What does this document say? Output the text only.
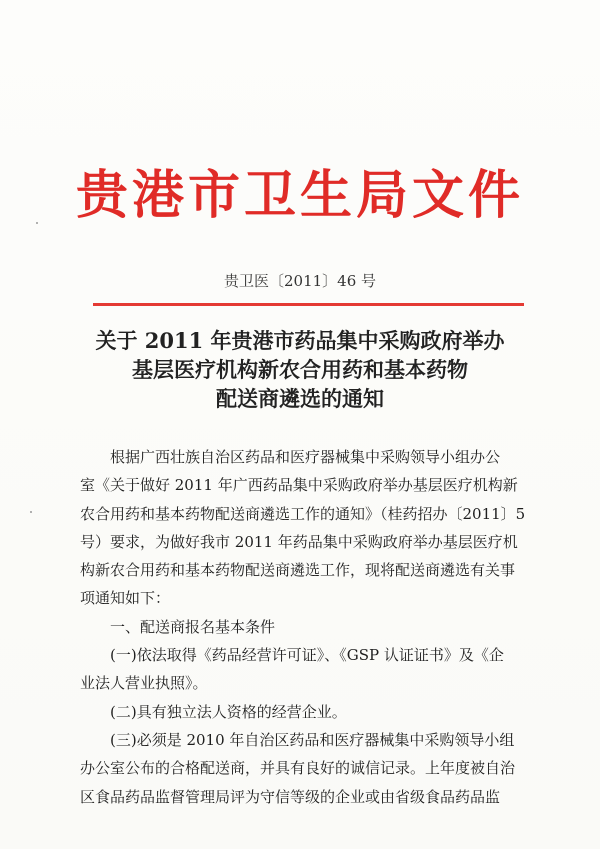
贵港市卫生局文件

贵卫医〔2011〕46 号

关于 2011 年贵港市药品集中采购政府举办
基层医疗机构新农合用药和基本药物
配送商遴选的通知

　　根据广西壮族自治区药品和医疗器械集中采购领导小组办公

室《关于做好 2011 年广西药品集中采购政府举办基层医疗机构新

农合用药和基本药物配送商遴选工作的通知》（桂药招办〔2011〕5

号）要求，为做好我市 2011 年药品集中采购政府举办基层医疗机

构新农合用药和基本药物配送商遴选工作，现将配送商遴选有关事

项通知如下：

　　一、配送商报名基本条件

　　(一)依法取得《药品经营许可证》、《GSP 认证证书》及《企

业法人营业执照》。

　　(二)具有独立法人资格的经营企业。

　　(三)必须是 2010 年自治区药品和医疗器械集中采购领导小组

办公室公布的合格配送商，并具有良好的诚信记录。上年度被自治

区食品药品监督管理局评为守信等级的企业或由省级食品药品监
